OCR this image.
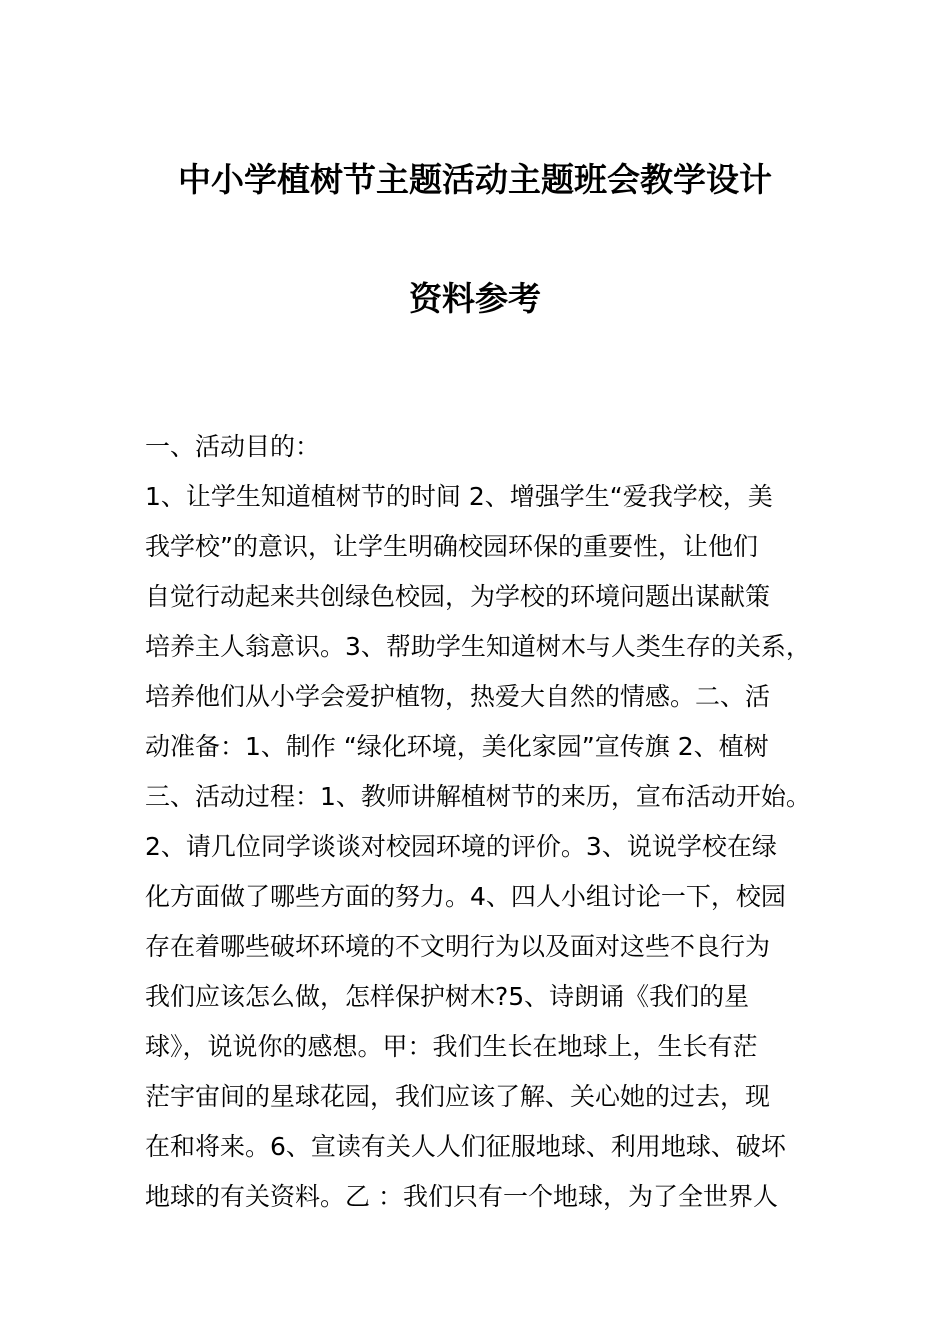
中小学植树节主题活动主题班会教学设计
资料参考
一、活动目的：
1、让学生知道植树节的时间 2、增强学生“爱我学校，美
我学校”的意识，让学生明确校园环保的重要性，让他们
自觉行动起来共创绿色校园，为学校的环境问题出谋献策
培养主人翁意识。3、帮助学生知道树木与人类生存的关系，
培养他们从小学会爱护植物，热爱大自然的情感。二、活
动准备：1、制作 “绿化环境，美化家园”宣传旗 2、植树
三、活动过程：1、教师讲解植树节的来历，宣布活动开始。
2、请几位同学谈谈对校园环境的评价。3、说说学校在绿
化方面做了哪些方面的努力。4、四人小组讨论一下，校园
存在着哪些破坏环境的不文明行为以及面对这些不良行为
我们应该怎么做，怎样保护树木?5、诗朗诵《我们的星
球》，说说你的感想。甲：我们生长在地球上，生长有茫
茫宇宙间的星球花园，我们应该了解、关心她的过去，现
在和将来。6、宣读有关人人们征服地球、利用地球、破坏
地球的有关资料。乙 ：我们只有一个地球，为了全世界人
